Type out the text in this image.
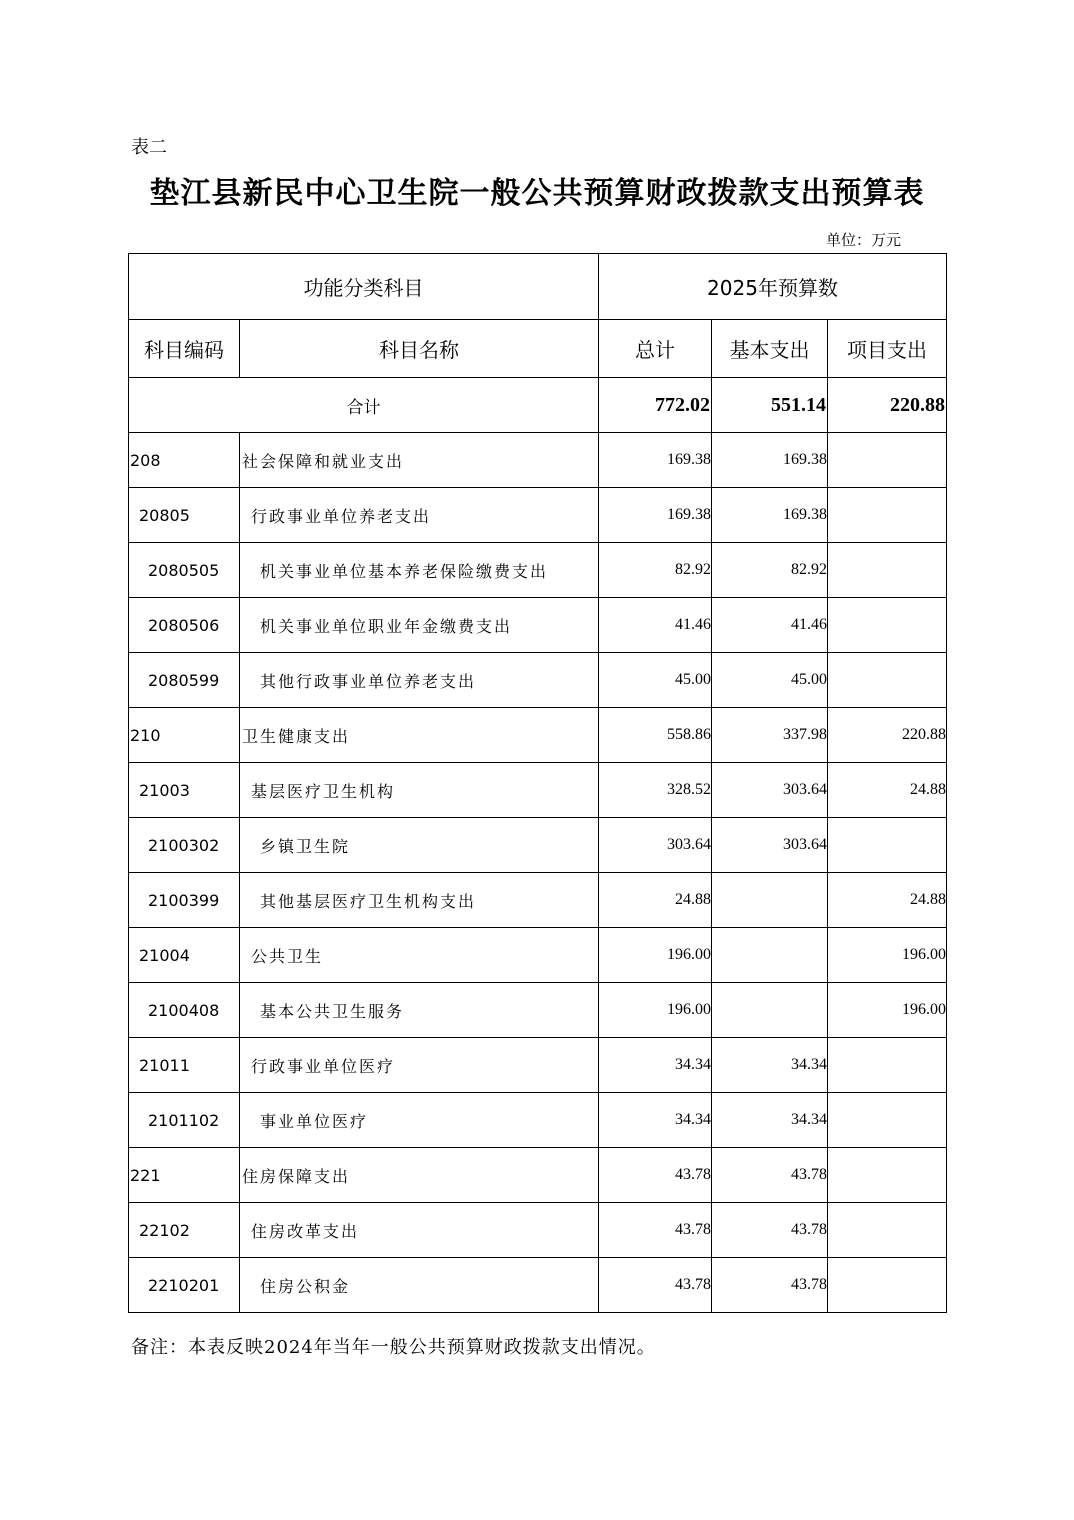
表二
垫江县新民中心卫生院一般公共预算财政拨款支出预算表
单位：万元
功能分类科目		2025年预算数		
科目编码	科目名称	总计	基本支出	项目支出
合计		772.02	551.14	220.88
208	社会保障和就业支出	169.38	169.38	
20805	行政事业单位养老支出	169.38	169.38	
2080505	机关事业单位基本养老保险缴费支出	82.92	82.92	
2080506	机关事业单位职业年金缴费支出	41.46	41.46	
2080599	其他行政事业单位养老支出	45.00	45.00	
210	卫生健康支出	558.86	337.98	220.88
21003	基层医疗卫生机构	328.52	303.64	24.88
2100302	乡镇卫生院	303.64	303.64	
2100399	其他基层医疗卫生机构支出	24.88		24.88
21004	公共卫生	196.00		196.00
2100408	基本公共卫生服务	196.00		196.00
21011	行政事业单位医疗	34.34	34.34	
2101102	事业单位医疗	34.34	34.34	
221	住房保障支出	43.78	43.78	
22102	住房改革支出	43.78	43.78	
2210201	住房公积金	43.78	43.78	
备注：本表反映2024年当年一般公共预算财政拨款支出情况。
